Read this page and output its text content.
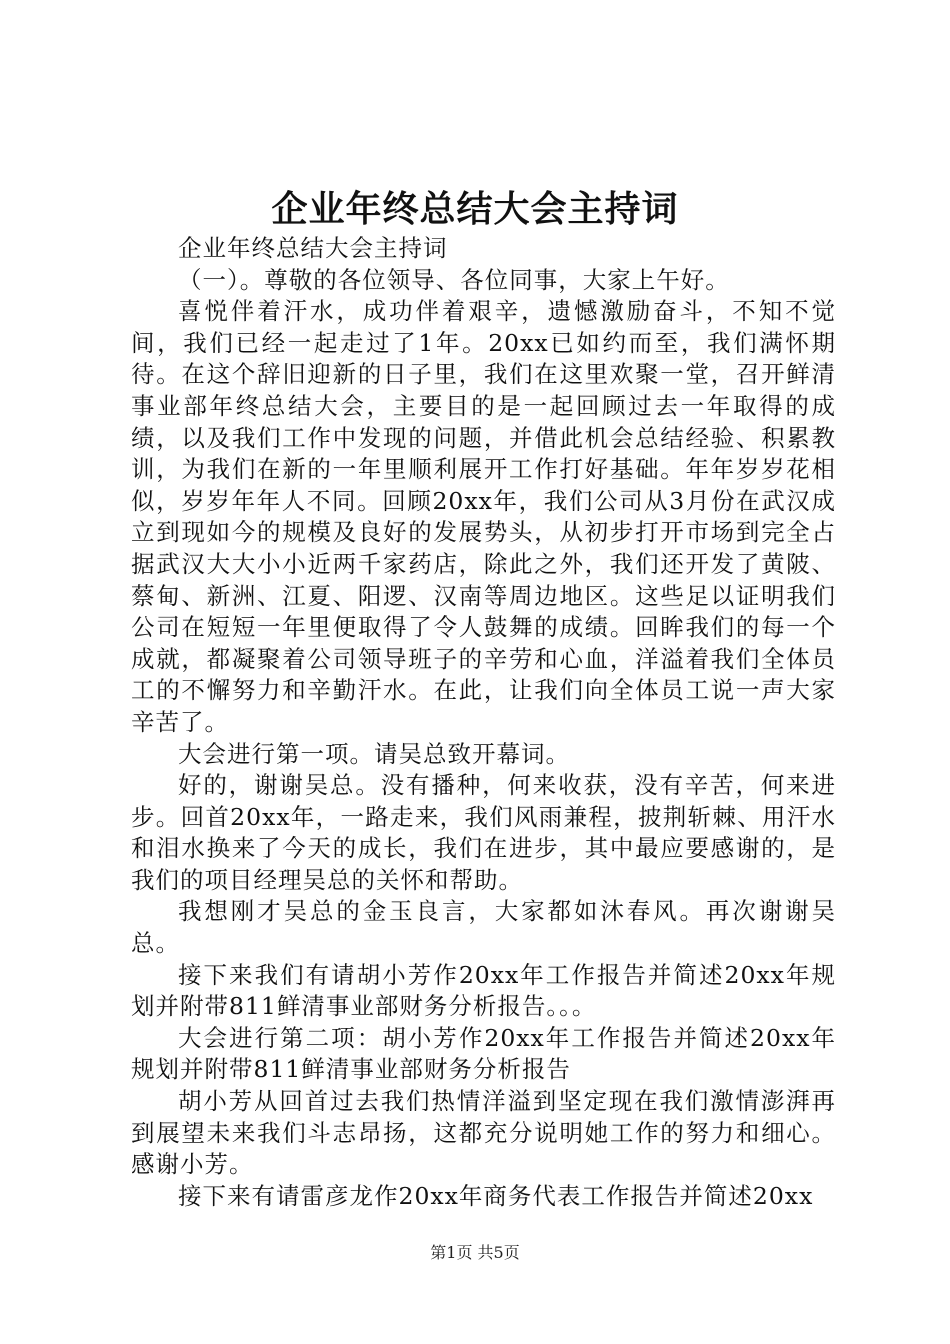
企业年终总结大会主持词

企业年终总结大会主持词

（一）。尊敬的各位领导、各位同事，大家上午好。

喜悦伴着汗水，成功伴着艰辛，遗憾激励奋斗，不知不觉间，我们已经一起走过了1年。20xx已如约而至，我们满怀期待。在这个辞旧迎新的日子里，我们在这里欢聚一堂，召开鲜清事业部年终总结大会，主要目的是一起回顾过去一年取得的成绩，以及我们工作中发现的问题，并借此机会总结经验、积累教训，为我们在新的一年里顺利展开工作打好基础。年年岁岁花相似，岁岁年年人不同。回顾20xx年，我们公司从3月份在武汉成立到现如今的规模及良好的发展势头，从初步打开市场到完全占据武汉大大小小近两千家药店，除此之外，我们还开发了黄陂、蔡甸、新洲、江夏、阳逻、汉南等周边地区。这些足以证明我们公司在短短一年里便取得了令人鼓舞的成绩。回眸我们的每一个成就，都凝聚着公司领导班子的辛劳和心血，洋溢着我们全体员工的不懈努力和辛勤汗水。在此，让我们向全体员工说一声大家辛苦了。

大会进行第一项。请吴总致开幕词。

好的，谢谢吴总。没有播种，何来收获，没有辛苦，何来进步。回首20xx年，一路走来，我们风雨兼程，披荆斩棘、用汗水和泪水换来了今天的成长，我们在进步，其中最应要感谢的，是我们的项目经理吴总的关怀和帮助。

我想刚才吴总的金玉良言，大家都如沐春风。再次谢谢吴总。

接下来我们有请胡小芳作20xx年工作报告并简述20xx年规划并附带811鲜清事业部财务分析报告。。。

大会进行第二项：胡小芳作20xx年工作报告并简述20xx年规划并附带811鲜清事业部财务分析报告

胡小芳从回首过去我们热情洋溢到坚定现在我们激情澎湃再到展望未来我们斗志昂扬，这都充分说明她工作的努力和细心。感谢小芳。

接下来有请雷彦龙作20xx年商务代表工作报告并简述20xx

第1页 共5页
